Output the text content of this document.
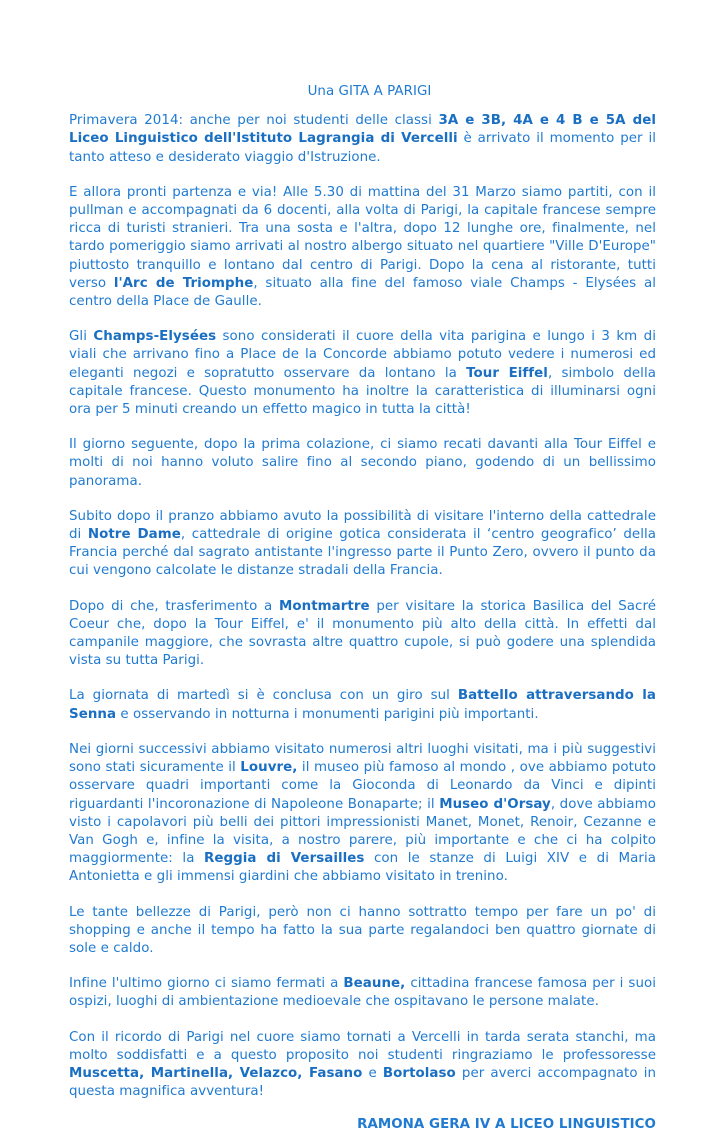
Una GITA A PARIGI

Primavera 2014: anche per noi studenti delle classi 3A e 3B, 4A e 4 B e 5A del Liceo Linguistico dell'Istituto Lagrangia di Vercelli è arrivato il momento per il tanto atteso e desiderato viaggio d'Istruzione.

E allora pronti partenza e via! Alle 5.30 di mattina del 31 Marzo siamo partiti, con il pullman e accompagnati da 6 docenti, alla volta di Parigi, la capitale francese sempre ricca di turisti stranieri. Tra una sosta e l'altra, dopo 12 lunghe ore, finalmente, nel tardo pomeriggio siamo arrivati al nostro albergo situato nel quartiere "Ville D'Europe" piuttosto tranquillo e lontano dal centro di Parigi. Dopo la cena al ristorante, tutti verso l'Arc de Triomphe, situato alla fine del famoso viale Champs - Elysées al centro della Place de Gaulle.

Gli Champs-Elysées sono considerati il cuore della vita parigina e lungo i 3 km di viali che arrivano fino a Place de la Concorde abbiamo potuto vedere i numerosi ed eleganti negozi e sopratutto osservare da lontano la Tour Eiffel, simbolo della capitale francese. Questo monumento ha inoltre la caratteristica di illuminarsi ogni ora per 5 minuti creando un effetto magico in tutta la città!

Il giorno seguente, dopo la prima colazione, ci siamo recati davanti alla Tour Eiffel e molti di noi hanno voluto salire fino al secondo piano, godendo di un bellissimo panorama.

Subito dopo il pranzo abbiamo avuto la possibilità di visitare l'interno della cattedrale di Notre Dame, cattedrale di origine gotica considerata il ‘centro geografico’ della Francia perché dal sagrato antistante l'ingresso parte il Punto Zero, ovvero il punto da cui vengono calcolate le distanze stradali della Francia.

Dopo di che, trasferimento a Montmartre per visitare la storica Basilica del Sacré Coeur che, dopo la Tour Eiffel, e' il monumento più alto della città. In effetti dal campanile maggiore, che sovrasta altre quattro cupole, si può godere una splendida vista su tutta Parigi.

La giornata di martedì si è conclusa con un giro sul Battello attraversando la Senna e osservando in notturna i monumenti parigini più importanti.

Nei giorni successivi abbiamo visitato numerosi altri luoghi visitati, ma i più suggestivi sono stati sicuramente il Louvre, il museo più famoso al mondo , ove abbiamo potuto osservare quadri importanti come la Gioconda di Leonardo da Vinci e dipinti riguardanti l'incoronazione di Napoleone Bonaparte; il Museo d'Orsay, dove abbiamo visto i capolavori più belli dei pittori impressionisti Manet, Monet, Renoir, Cezanne e Van Gogh e, infine la visita, a nostro parere, più importante e che ci ha colpito maggiormente: la Reggia di Versailles con le stanze di Luigi XIV e di Maria Antonietta e gli immensi giardini che abbiamo visitato in trenino.

Le tante bellezze di Parigi, però non ci hanno sottratto tempo per fare un po' di shopping e anche il tempo ha fatto la sua parte regalandoci ben quattro giornate di sole e caldo.

Infine l'ultimo giorno ci siamo fermati a Beaune, cittadina francese famosa per i suoi ospizi, luoghi di ambientazione medioevale che ospitavano le persone malate.

Con il ricordo di Parigi nel cuore siamo tornati a Vercelli in tarda serata stanchi, ma molto soddisfatti e a questo proposito noi studenti ringraziamo le professoresse Muscetta, Martinella, Velazco, Fasano e Bortolaso per averci accompagnato in questa magnifica avventura!

RAMONA GERA IV A LICEO LINGUISTICO
